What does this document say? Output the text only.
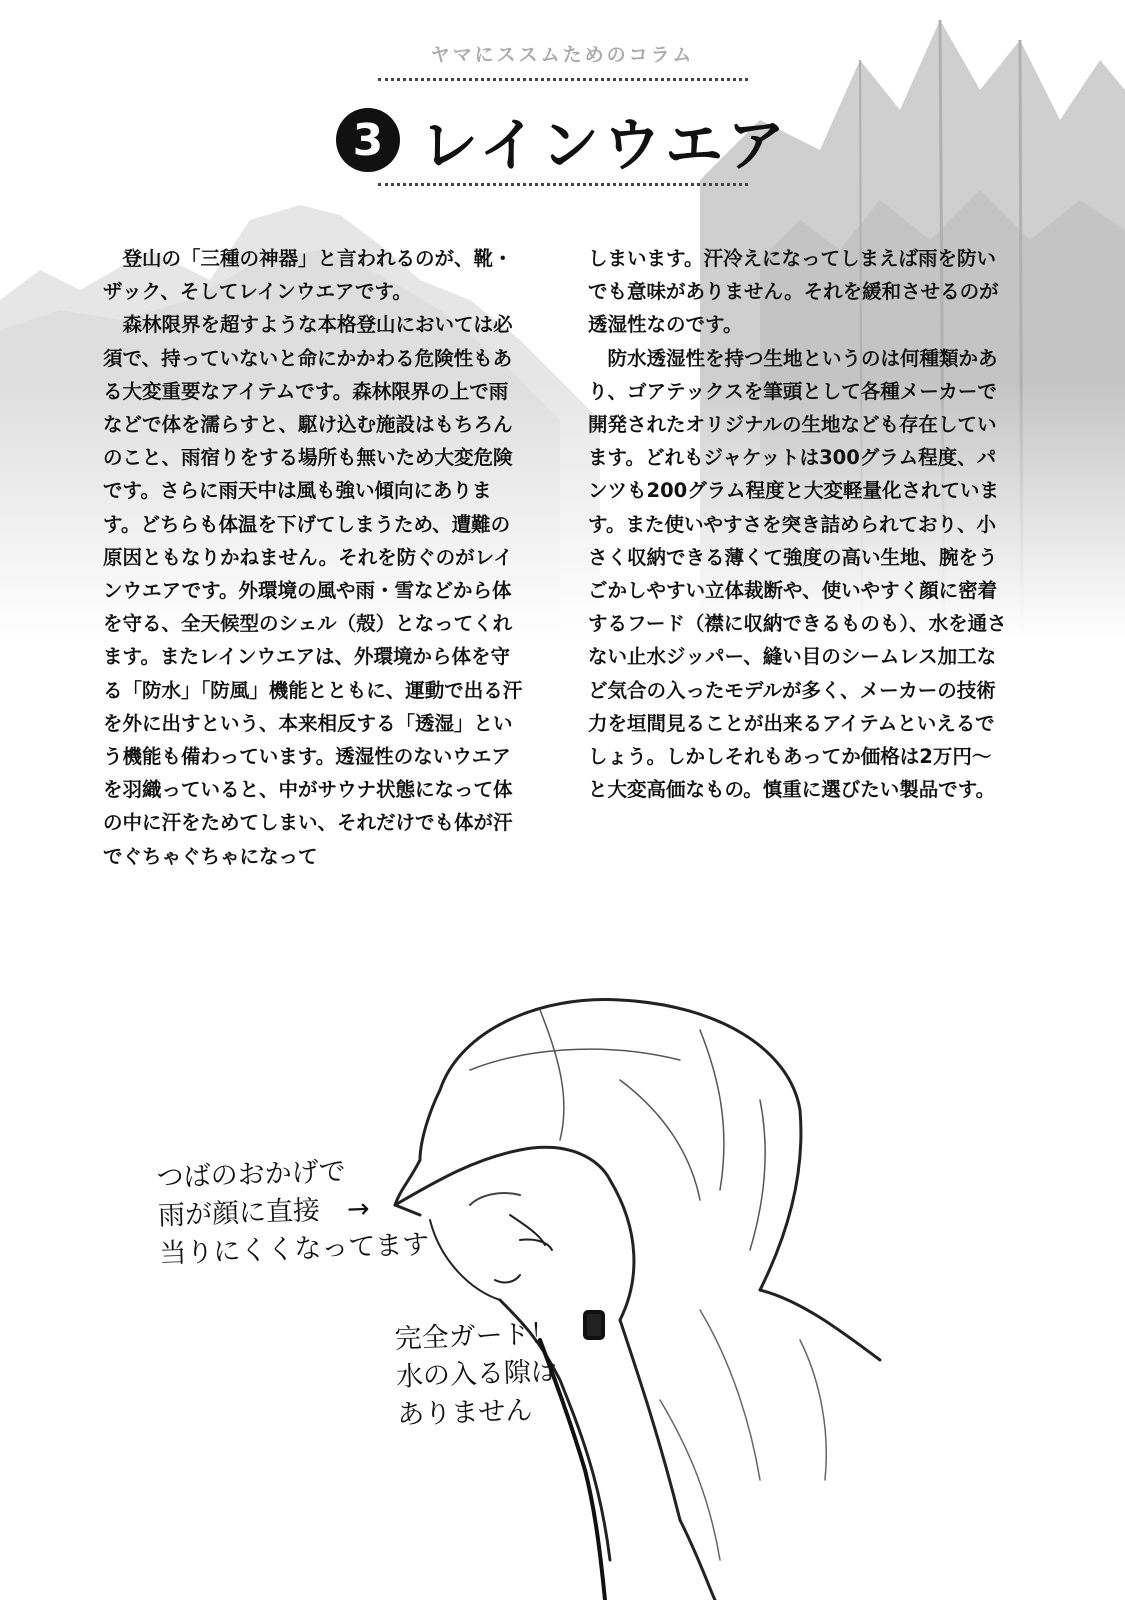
ヤマにススムためのコラム
3 レインウエア

登山の「三種の神器」と言われるのが、靴・ザック、そしてレインウエアです。

森林限界を超すような本格登山においては必須で、持っていないと命にかかわる危険性もある大変重要なアイテムです。森林限界の上で雨などで体を濡らすと、駆け込む施設はもちろんのこと、雨宿りをする場所も無いため大変危険です。さらに雨天中は風も強い傾向にあります。どちらも体温を下げてしまうため、遭難の原因ともなりかねません。それを防ぐのがレインウエアです。外環境の風や雨・雪などから体を守る、全天候型のシェル（殻）となってくれます。またレインウエアは、外環境から体を守る「防水」「防風」機能とともに、運動で出る汗を外に出すという、本来相反する「透湿」という機能も備わっています。透湿性のないウエアを羽織っていると、中がサウナ状態になって体の中に汗をためてしまい、それだけでも体が汗でぐちゃぐちゃになって

しまいます。汗冷えになってしまえば雨を防いでも意味がありません。それを緩和させるのが透湿性なのです。

防水透湿性を持つ生地というのは何種類かあり、ゴアテックスを筆頭として各種メーカーで開発されたオリジナルの生地なども存在しています。どれもジャケットは300グラム程度、パンツも200グラム程度と大変軽量化されています。また使いやすさを突き詰められており、小さく収納できる薄くて強度の高い生地、腕をうごかしやすい立体裁断や、使いやすく顔に密着するフード（襟に収納できるものも）、水を通さない止水ジッパー、縫い目のシームレス加工など気合の入ったモデルが多く、メーカーの技術力を垣間見ることが出来るアイテムといえるでしょう。しかしそれもあってか価格は2万円～と大変高価なもの。慎重に選びたい製品です。

つばのおかげで
雨が顔に直接　→
当りにくくなってます
完全ガード！
水の入る隙は
ありません
